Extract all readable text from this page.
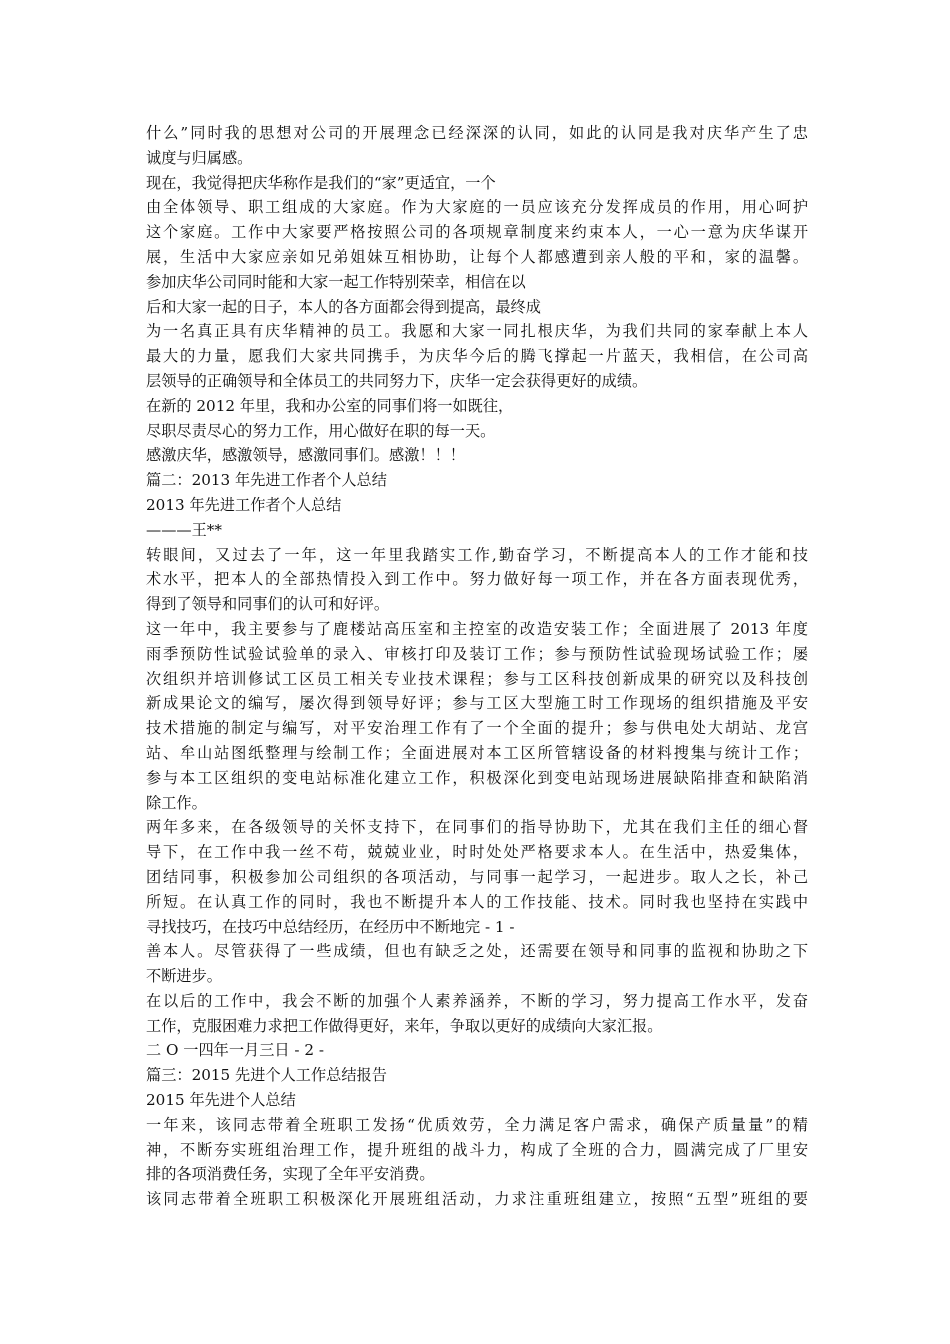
什么”同时我的思想对公司的开展理念已经深深的认同，如此的认同是我对庆华产生了忠
诚度与归属感。
现在，我觉得把庆华称作是我们的“家”更适宜，一个
由全体领导、职工组成的大家庭。作为大家庭的一员应该充分发挥成员的作用，用心呵护
这个家庭。工作中大家要严格按照公司的各项规章制度来约束本人，一心一意为庆华谋开
展，生活中大家应亲如兄弟姐妹互相协助，让每个人都感遭到亲人般的平和，家的温馨。
参加庆华公司同时能和大家一起工作特别荣幸，相信在以
后和大家一起的日子，本人的各方面都会得到提高，最终成
为一名真正具有庆华精神的员工。我愿和大家一同扎根庆华，为我们共同的家奉献上本人
最大的力量，愿我们大家共同携手，为庆华今后的腾飞撑起一片蓝天，我相信，在公司高
层领导的正确领导和全体员工的共同努力下，庆华一定会获得更好的成绩。
在新的 2012 年里，我和办公室的同事们将一如既往，
尽职尽责尽心的努力工作，用心做好在职的每一天。
感激庆华，感激领导，感激同事们。感激！！！
篇二：2013 年先进工作者个人总结
2013 年先进工作者个人总结
———王**
转眼间，又过去了一年，这一年里我踏实工作,勤奋学习，不断提高本人的工作才能和技
术水平，把本人的全部热情投入到工作中。努力做好每一项工作，并在各方面表现优秀，
得到了领导和同事们的认可和好评。
这一年中，我主要参与了鹿楼站高压室和主控室的改造安装工作；全面进展了 2013 年度
雨季预防性试验试验单的录入、审核打印及装订工作；参与预防性试验现场试验工作；屡
次组织并培训修试工区员工相关专业技术课程；参与工区科技创新成果的研究以及科技创
新成果论文的编写，屡次得到领导好评；参与工区大型施工时工作现场的组织措施及平安
技术措施的制定与编写，对平安治理工作有了一个全面的提升；参与供电处大胡站、龙宫
站、牟山站图纸整理与绘制工作；全面进展对本工区所管辖设备的材料搜集与统计工作；
参与本工区组织的变电站标准化建立工作，积极深化到变电站现场进展缺陷排查和缺陷消
除工作。
两年多来，在各级领导的关怀支持下，在同事们的指导协助下，尤其在我们主任的细心督
导下，在工作中我一丝不苟，兢兢业业，时时处处严格要求本人。在生活中，热爱集体，
团结同事，积极参加公司组织的各项活动，与同事一起学习，一起进步。取人之长，补己
所短。在认真工作的同时，我也不断提升本人的工作技能、技术。同时我也坚持在实践中
寻找技巧，在技巧中总结经历，在经历中不断地完 - 1 -
善本人。尽管获得了一些成绩，但也有缺乏之处，还需要在领导和同事的监视和协助之下
不断进步。
在以后的工作中，我会不断的加强个人素养涵养，不断的学习，努力提高工作水平，发奋
工作，克服困难力求把工作做得更好，来年，争取以更好的成绩向大家汇报。
二 O 一四年一月三日 - 2 -
篇三：2015 先进个人工作总结报告
2015 年先进个人总结
一年来，该同志带着全班职工发扬“优质效劳，全力满足客户需求，确保产质量量”的精
神，不断夯实班组治理工作，提升班组的战斗力，构成了全班的合力，圆满完成了厂里安
排的各项消费任务，实现了全年平安消费。
该同志带着全班职工积极深化开展班组活动，力求注重班组建立，按照“五型”班组的要
